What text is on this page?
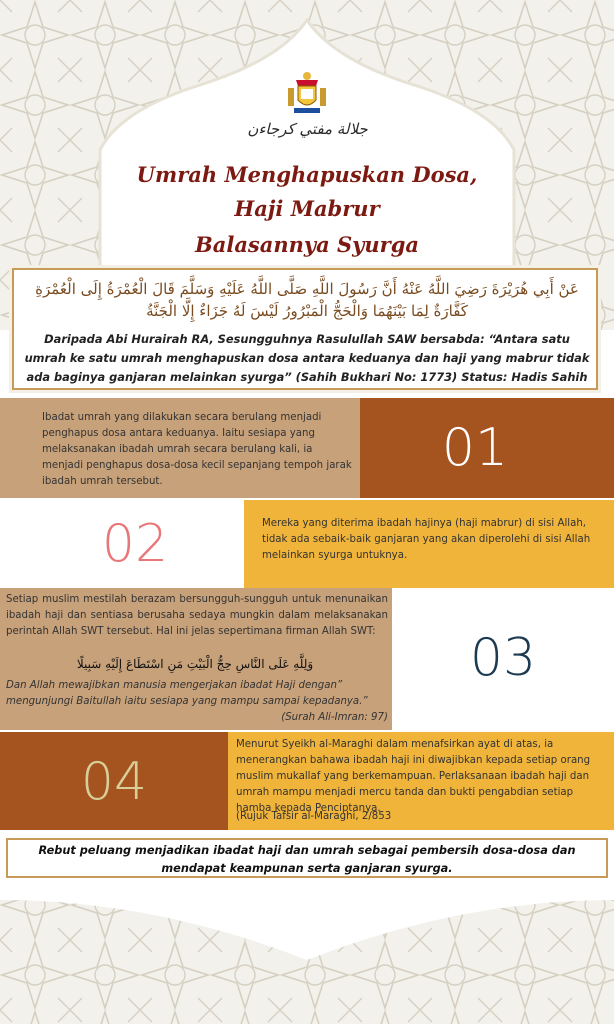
جلالة مفتي كرجاءن
Umrah Menghapuskan Dosa,
Haji Mabrur
Balasannya Syurga
عَنْ أَبِي هُرَيْرَةَ رَضِيَ اللَّهُ عَنْهُ أَنَّ رَسُولَ اللَّهِ صَلَّى اللَّهُ عَلَيْهِ وَسَلَّمَ قَالَ الْعُمْرَةُ إِلَى الْعُمْرَةِ كَفَّارَةٌ لِمَا بَيْنَهُمَا وَالْحَجُّ الْمَبْرُورُ لَيْسَ لَهُ جَزَاءٌ إِلَّا الْجَنَّةُ
Daripada Abi Hurairah RA, Sesungguhnya Rasulullah SAW bersabda: “Antara satu umrah ke satu umrah menghapuskan dosa antara keduanya dan haji yang mabrur tidak ada baginya ganjaran melainkan syurga” (Sahih Bukhari No: 1773) Status: Hadis Sahih

Ibadat umrah yang dilakukan secara berulang menjadi penghapus dosa antara keduanya. Iaitu sesiapa yang melaksanakan ibadah umrah secara berulang kali, ia menjadi penghapus dosa-dosa kecil sepanjang tempoh jarak ibadah umrah tersebut.

01
02	Mereka yang diterima ibadah hajinya (haji mabrur) di sisi Allah, tidak ada sebaik-baik ganjaran yang akan diperolehi di sisi Allah melainkan syurga untuknya.

Setiap muslim mestilah berazam bersungguh-sungguh untuk menunaikan ibadah haji dan sentiasa berusaha sedaya mungkin dalam melaksanakan perintah Allah SWT tersebut. Hal ini jelas sepertimana firman Allah SWT:

وَلِلَّهِ عَلَى النَّاسِ حِجُّ الْبَيْتِ مَنِ اسْتَطَاعَ إِلَيْهِ سَبِيلًا

Dan Allah mewajibkan manusia mengerjakan ibadat Haji dengan” mengunjungi Baitullah iaitu sesiapa yang mampu sampai kepadanya.”

(Surah Ali-Imran: 97)

03
04

Menurut Syeikh al-Maraghi dalam menafsirkan ayat di atas, ia menerangkan bahawa ibadah haji ini diwajibkan kepada setiap orang muslim mukallaf yang berkemampuan. Perlaksanaan ibadah haji dan umrah mampu menjadi mercu tanda dan bukti pengabdian setiap hamba kepada Penciptanya.

(Rujuk Tafsir al-Maraghi, 2/853

Rebut peluang menjadikan ibadat haji dan umrah sebagai pembersih dosa-dosa dan mendapat keampunan serta ganjaran syurga.
